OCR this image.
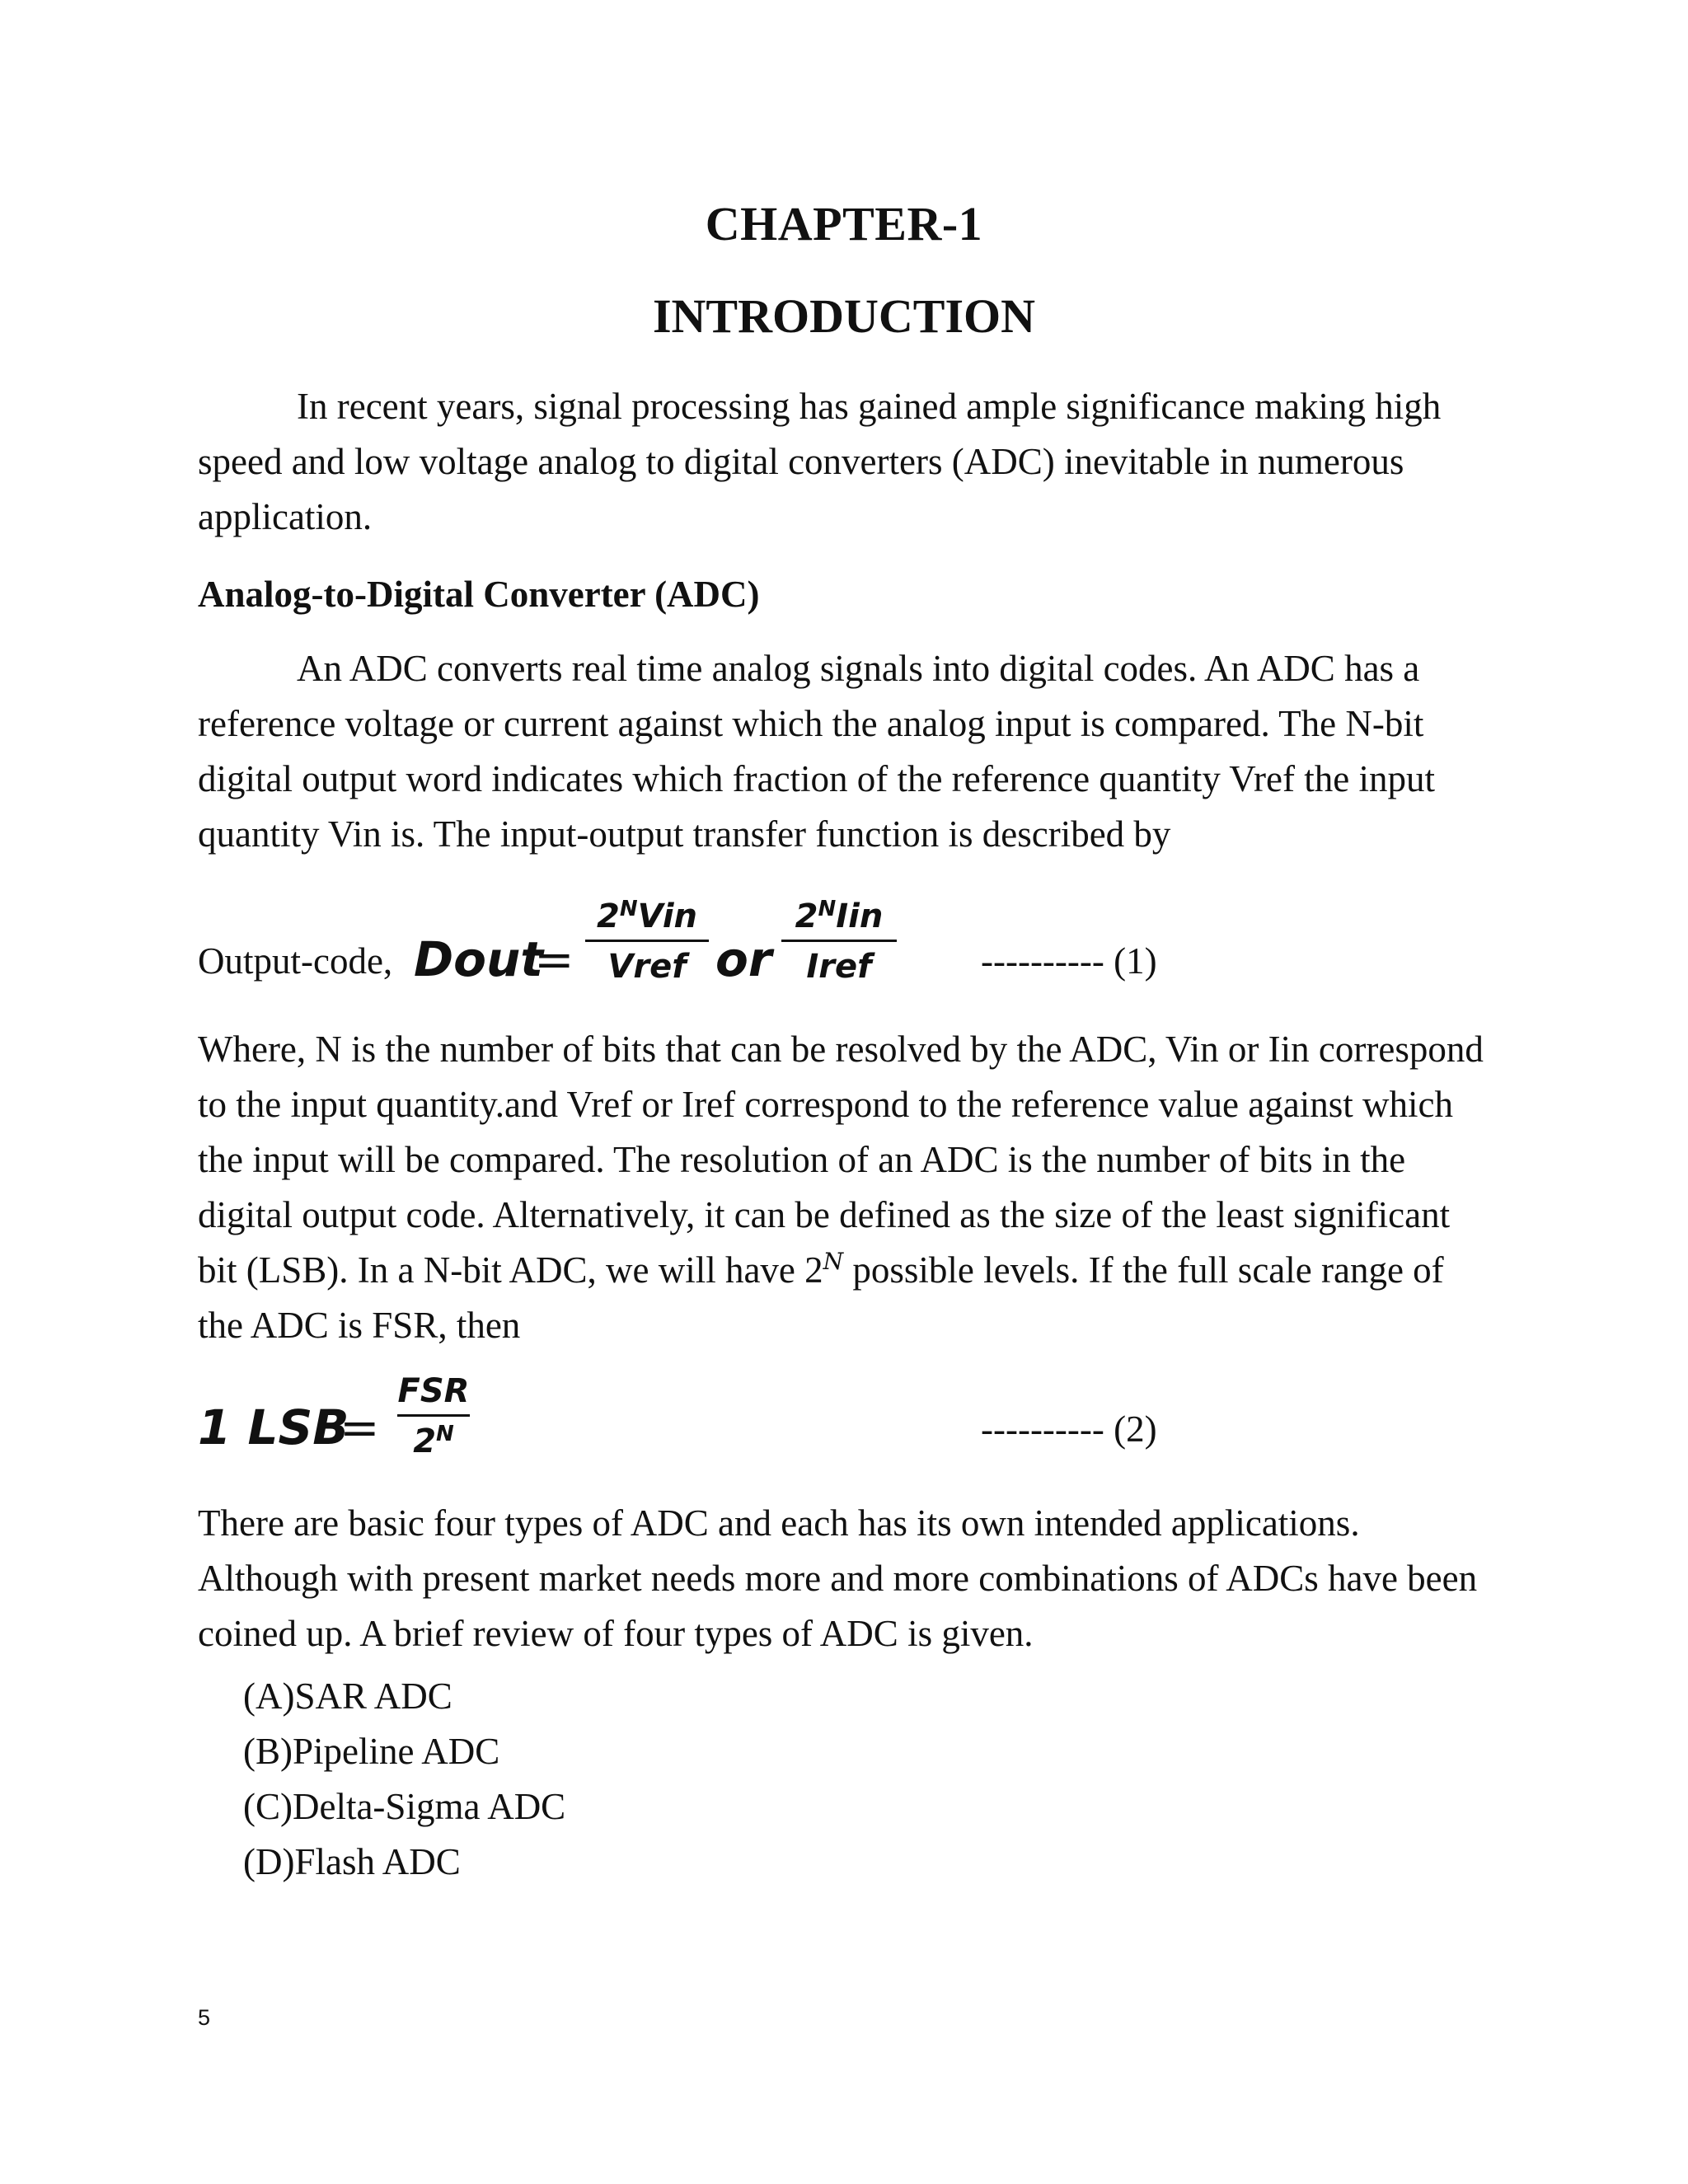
CHAPTER-1
INTRODUCTION

In recent years, signal processing has gained ample significance making high speed and low voltage analog to digital converters (ADC) inevitable in numerous application.

Analog-to-Digital Converter (ADC)

An ADC converts real time analog signals into digital codes. An ADC has a reference voltage or current against which the analog input is compared. The N-bit digital output word indicates which fraction of the reference quantity Vref the input quantity Vin is. The input-output transfer function is described by

Output-code, Dout
=
$2^NVin$
Vref or
$2^NIin$
Iref	---------- (1)

Where, N is the number of bits that can be resolved by the ADC, Vin or Iin correspond to the input quantity.and Vref or Iref correspond to the reference value against which the input will be compared. The resolution of an ADC is the number of bits in the digital output code. Alternatively, it can be defined as the size of the least significant bit (LSB). In a N-bit ADC, we will have $2^N$ possible levels. If the full scale range of the ADC is FSR, then

1 LSB
=
FSR
$2^N$	---------- (2)

There are basic four types of ADC and each has its own intended applications. Although with present market needs more and more combinations of ADCs have been coined up. A brief review of four types of ADC is given.

(A)SAR ADC
(B)Pipeline ADC
(C)Delta-Sigma ADC
(D)Flash ADC
5
